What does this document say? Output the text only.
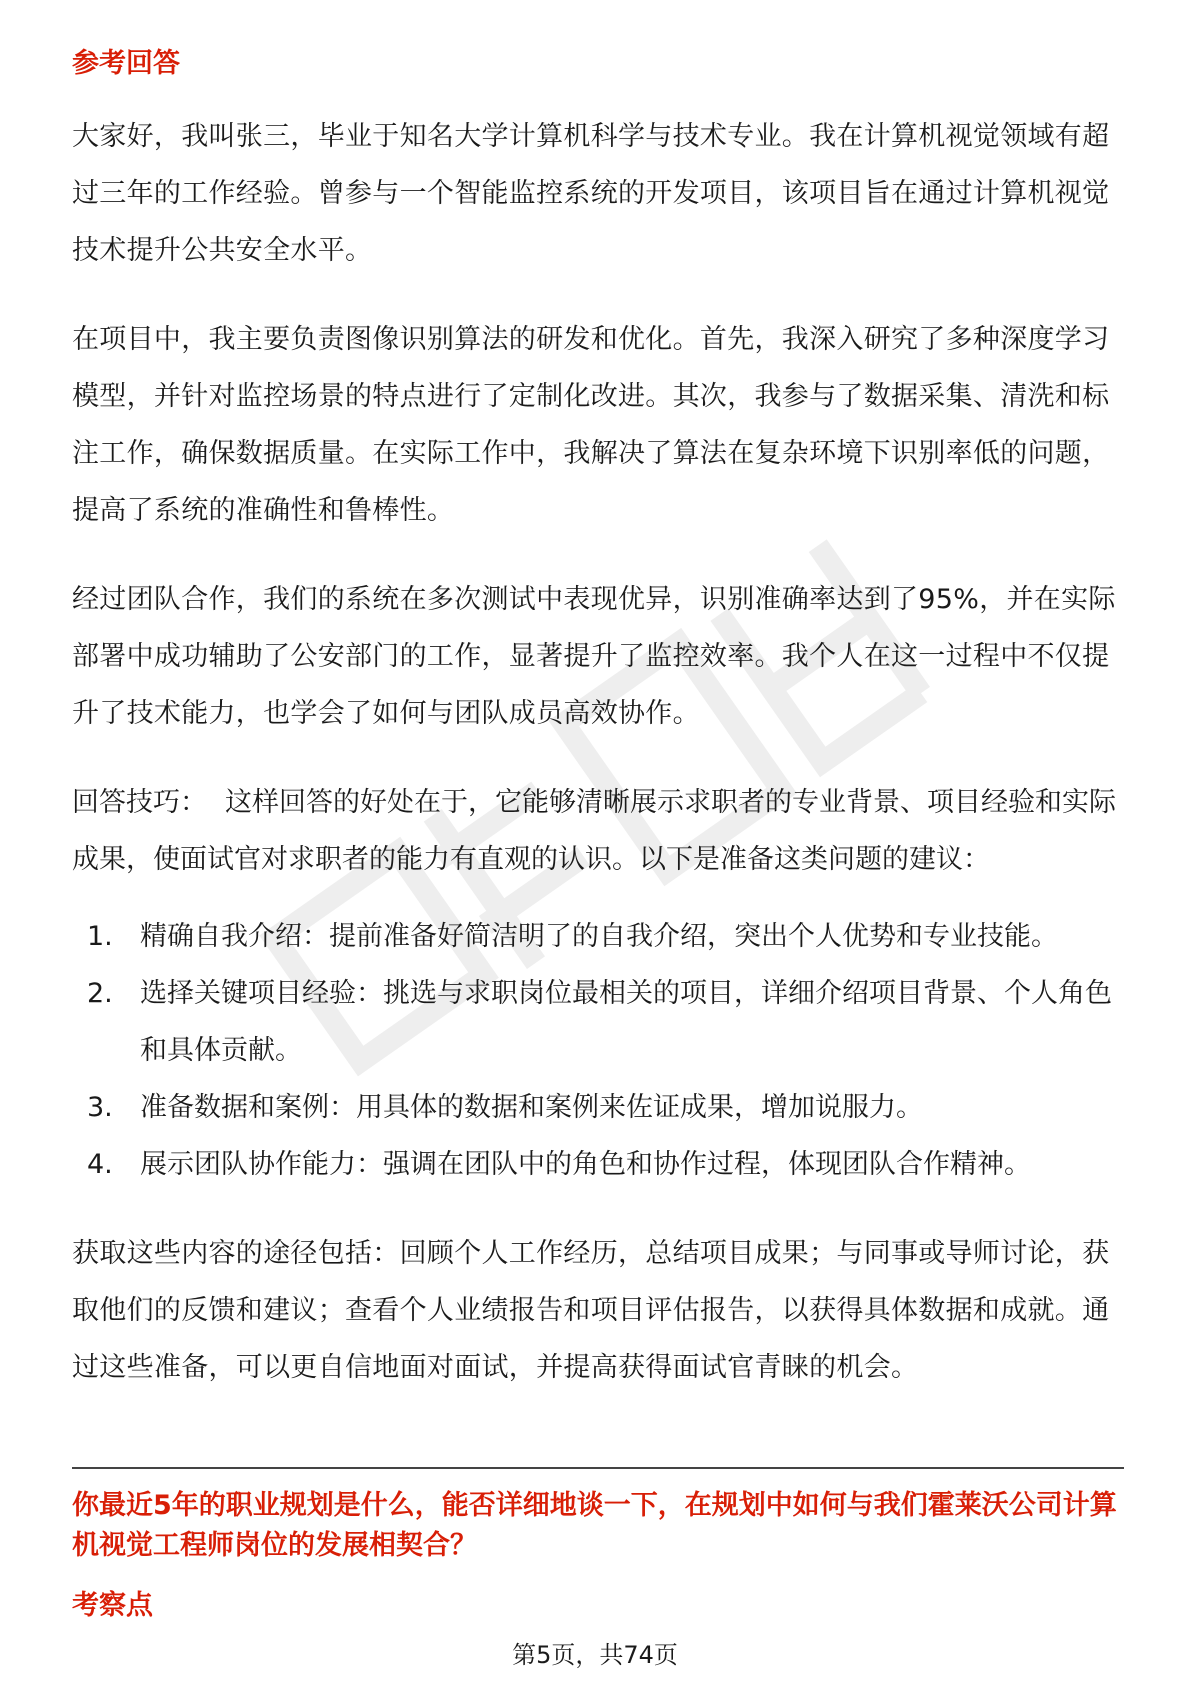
参考回答

大家好，我叫张三，毕业于知名大学计算机科学与技术专业。我在计算机视觉领域有超过三年的工作经验。曾参与一个智能监控系统的开发项目，该项目旨在通过计算机视觉技术提升公共安全水平。

在项目中，我主要负责图像识别算法的研发和优化。首先，我深入研究了多种深度学习模型，并针对监控场景的特点进行了定制化改进。其次，我参与了数据采集、清洗和标注工作，确保数据质量。在实际工作中，我解决了算法在复杂环境下识别率低的问题，提高了系统的准确性和鲁棒性。

经过团队合作，我们的系统在多次测试中表现优异，识别准确率达到了95%，并在实际部署中成功辅助了公安部门的工作，显著提升了监控效率。我个人在这一过程中不仅提升了技术能力，也学会了如何与团队成员高效协作。

回答技巧： 这样回答的好处在于，它能够清晰展示求职者的专业背景、项目经验和实际成果，使面试官对求职者的能力有直观的认识。以下是准备这类问题的建议：

1.	精确自我介绍：提前准备好简洁明了的自我介绍，突出个人优势和专业技能。
2.	选择关键项目经验：挑选与求职岗位最相关的项目，详细介绍项目背景、个人角色和具体贡献。
3.	准备数据和案例：用具体的数据和案例来佐证成果，增加说服力。
4.	展示团队协作能力：强调在团队中的角色和协作过程，体现团队合作精神。

获取这些内容的途径包括：回顾个人工作经历，总结项目成果；与同事或导师讨论，获取他们的反馈和建议；查看个人业绩报告和项目评估报告，以获得具体数据和成就。通过这些准备，可以更自信地面对面试，并提高获得面试官青睐的机会。

你最近5年的职业规划是什么，能否详细地谈一下，在规划中如何与我们霍莱沃公司计算机视觉工程师岗位的发展相契合？
考察点
第5页，共74页
